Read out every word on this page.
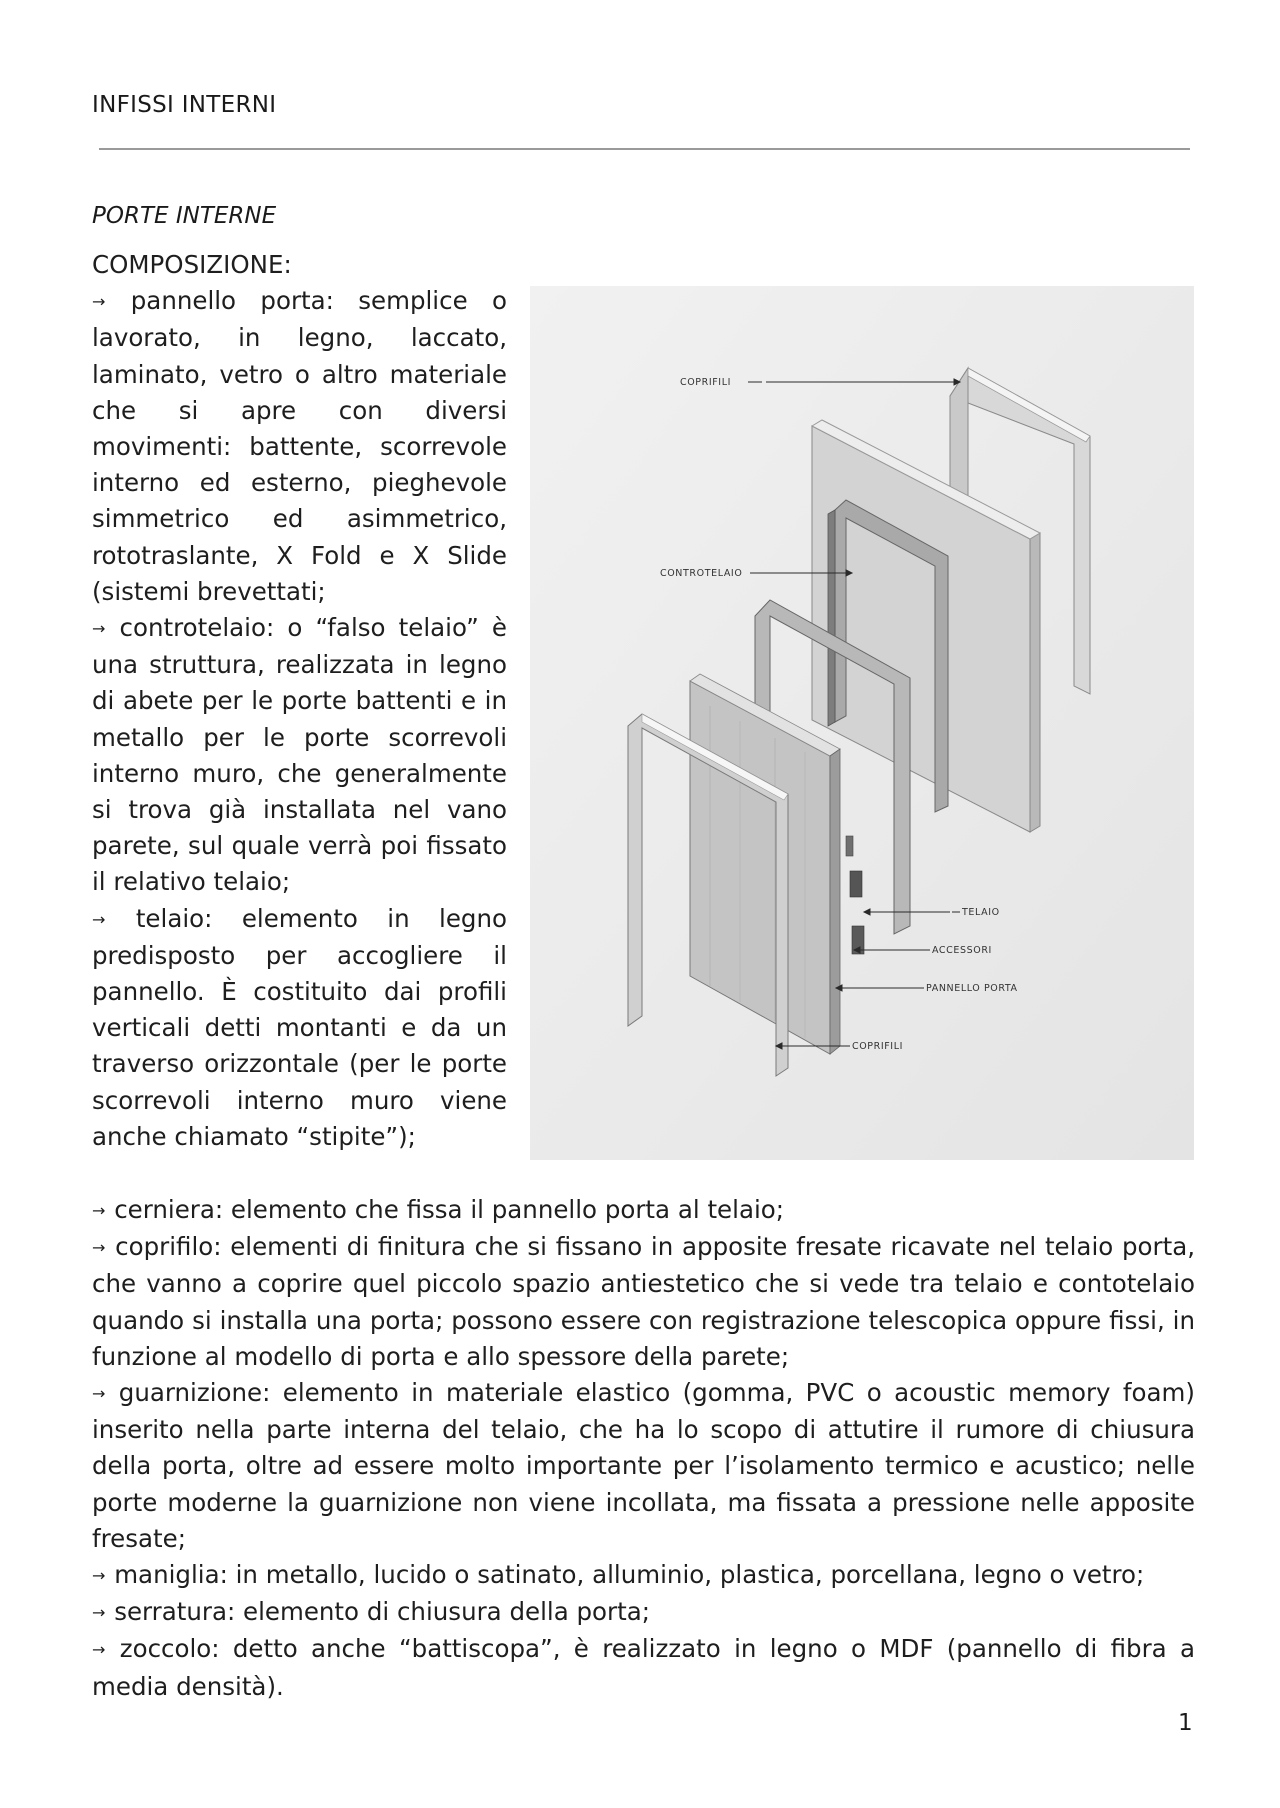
INFISSI INTERNI
PORTE INTERNE

COMPOSIZIONE:

→ pannello porta: semplice o lavorato, in legno, laccato, laminato, vetro o altro materiale che si apre con diversi movimenti: battente, scorrevole interno ed esterno, pieghevole simmetrico ed asimmetrico, rototraslante, X Fold e X Slide (sistemi brevettati;

→ controtelaio: o “falso telaio” è una struttura, realizzata in legno di abete per le porte battenti e in metallo per le porte scorrevoli interno muro, che generalmente si trova già installata nel vano parete, sul quale verrà poi fissato il relativo telaio;

→ telaio: elemento in legno predisposto per accogliere il pannello. È costituito dai profili verticali detti montanti e da un traverso orizzontale (per le porte scorrevoli interno muro viene anche chiamato “stipite”);

COPRIFILI
CONTROTELAIO
TELAIO
ACCESSORI
PANNELLO PORTA
COPRIFILI

→ cerniera: elemento che fissa il pannello porta al telaio;

→ coprifilo: elementi di finitura che si fissano in apposite fresate ricavate nel telaio porta, che vanno a coprire quel piccolo spazio antiestetico che si vede tra telaio e contotelaio quando si installa una porta; possono essere con registrazione telescopica oppure fissi, in funzione al modello di porta e allo spessore della parete;

→ guarnizione: elemento in materiale elastico (gomma, PVC o acoustic memory foam) inserito nella parte interna del telaio, che ha lo scopo di attutire il rumore di chiusura della porta, oltre ad essere molto importante per l’isolamento termico e acustico; nelle porte moderne la guarnizione non viene incollata, ma fissata a pressione nelle apposite fresate;

→ maniglia: in metallo, lucido o satinato, alluminio, plastica, porcellana, legno o vetro;

→ serratura: elemento di chiusura della porta;

→ zoccolo: detto anche “battiscopa”, è realizzato in legno o MDF (pannello di fibra a media densità).

1
